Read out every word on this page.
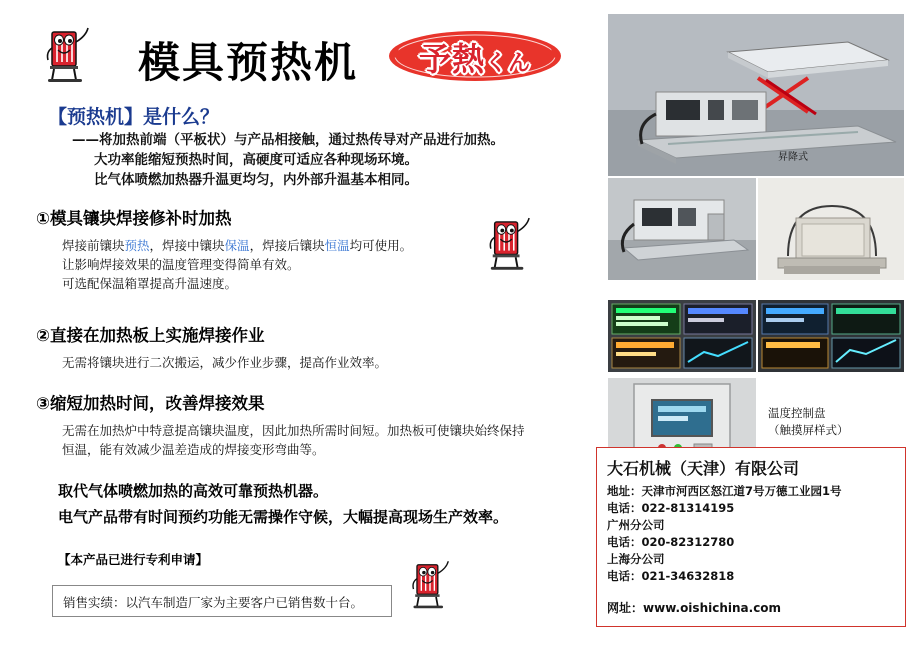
模具预热机	予熱くん
【预热机】是什么？
——将加热前端（平板状）与产品相接触，通过热传导对产品进行加热。
大功率能缩短预热时间，高硬度可适应各种现场环境。
比气体喷燃加热器升温更均匀，内外部升温基本相同。
①模具镶块焊接修补时加热
焊接前镶块预热，焊接中镶块保温，焊接后镶块恒温均可使用。
让影响焊接效果的温度管理变得简单有效。
可选配保温箱罩提高升温速度。
②直接在加热板上实施焊接作业
无需将镶块进行二次搬运，减少作业步骤，提高作业效率。
③缩短加热时间，改善焊接效果
无需在加热炉中特意提高镶块温度，因此加热所需时间短。加热板可使镶块始终保持
恒温，能有效减少温差造成的焊接变形弯曲等。
取代气体喷燃加热的高效可靠预热机器。
电气产品带有时间预约功能无需操作守候，大幅提高现场生产效率。
【本产品已进行专利申请】
销售实绩：以汽车制造厂家为主要客户已销售数十台。
昇降式
温度控制盘
（触摸屏样式）
大石机械（天津）有限公司
地址：天津市河西区怒江道7号万德工业园1号
电话：022-81314195
广州分公司
电话：020-82312780
上海分公司
电话：021-34632818
网址：www.oishichina.com
